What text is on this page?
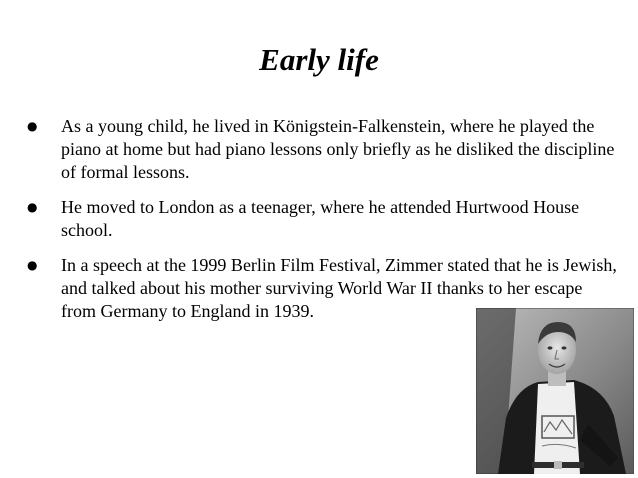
Early life
● As a young child, he lived in Königstein-Falkenstein, where he played the piano at home but had piano lessons only briefly as he disliked the discipline of formal lessons.
● He moved to London as a teenager, where he attended Hurtwood House school.
● In a speech at the 1999 Berlin Film Festival, Zimmer stated that he is Jewish, and talked about his mother surviving World War II thanks to her escape from Germany to England in 1939.
